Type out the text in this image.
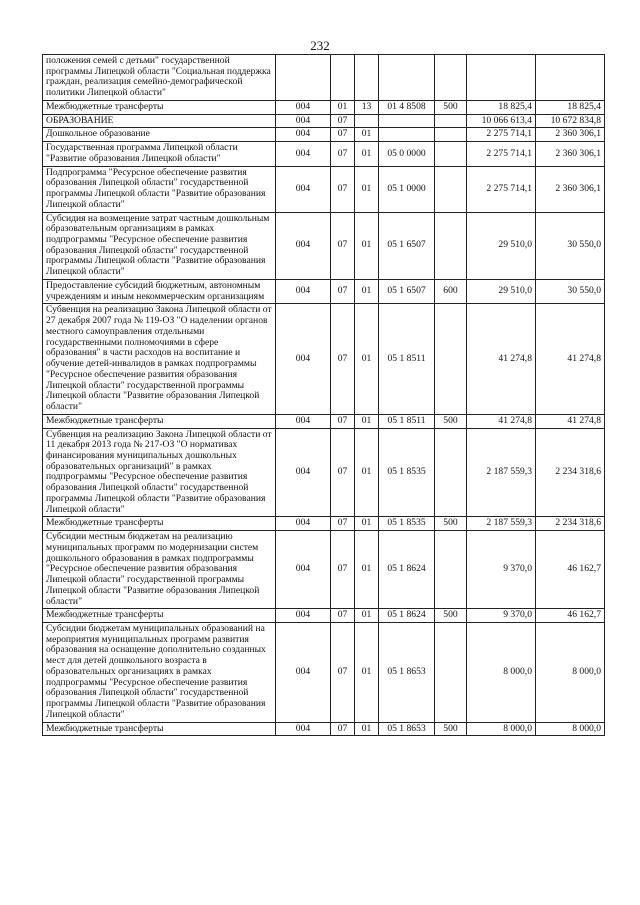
232
положения семей с детьми" государственной программы Липецкой области "Социальная поддержка граждан, реализация семейно-демографической политики Липецкой области"							
Межбюджетные трансферты	004	01	13	01 4 8508	500	18 825,4	18 825,4
ОБРАЗОВАНИЕ	004	07				10 066 613,4	10 672 834,8
Дошкольное образование	004	07	01			2 275 714,1	2 360 306,1
Государственная программа Липецкой области "Развитие образования Липецкой области"	004	07	01	05 0 0000		2 275 714,1	2 360 306,1
Подпрограмма "Ресурсное обеспечение развития образования Липецкой области" государственной программы Липецкой области "Развитие образования Липецкой области"	004	07	01	05 1 0000		2 275 714,1	2 360 306,1
Субсидия на возмещение затрат частным дошкольным образовательным организациям в рамках подпрограммы "Ресурсное обеспечение развития образования Липецкой области" государственной программы Липецкой области "Развитие образования Липецкой области"	004	07	01	05 1 6507		29 510,0	30 550,0
Предоставление субсидий бюджетным, автономным учреждениям и иным некоммерческим организациям	004	07	01	05 1 6507	600	29 510,0	30 550,0
Субвенция на реализацию Закона Липецкой области от 27 декабря 2007 года № 119-ОЗ "О наделении органов местного самоуправления отдельными государственными полномочиями в сфере образования" в части расходов на воспитание и обучение детей-инвалидов в рамках подпрограммы "Ресурсное обеспечение развития образования Липецкой области" государственной программы Липецкой области "Развитие образования Липецкой области"	004	07	01	05 1 8511		41 274,8	41 274,8
Межбюджетные трансферты	004	07	01	05 1 8511	500	41 274,8	41 274,8
Субвенция на реализацию Закона Липецкой области от 11 декабря 2013 года № 217-ОЗ "О нормативах финансирования муниципальных дошкольных образовательных организаций" в рамках подпрограммы "Ресурсное обеспечение развития образования Липецкой области" государственной программы Липецкой области "Развитие образования Липецкой области"	004	07	01	05 1 8535		2 187 559,3	2 234 318,6
Межбюджетные трансферты	004	07	01	05 1 8535	500	2 187 559,3	2 234 318,6
Субсидии местным бюджетам на реализацию муниципальных программ по модернизации систем дошкольного образования в рамках подпрограммы "Ресурсное обеспечение развития образования Липецкой области" государственной программы Липецкой области "Развитие образования Липецкой области"	004	07	01	05 1 8624		9 370,0	46 162,7
Межбюджетные трансферты	004	07	01	05 1 8624	500	9 370,0	46 162,7
Субсидии бюджетам муниципальных образований на мероприятия муниципальных программ развития образования на оснащение дополнительно созданных мест для детей дошкольного возраста в образовательных организациях в рамках подпрограммы "Ресурсное обеспечение развития образования Липецкой области" государственной программы Липецкой области "Развитие образования Липецкой области"	004	07	01	05 1 8653		8 000,0	8 000,0
Межбюджетные трансферты	004	07	01	05 1 8653	500	8 000,0	8 000,0
